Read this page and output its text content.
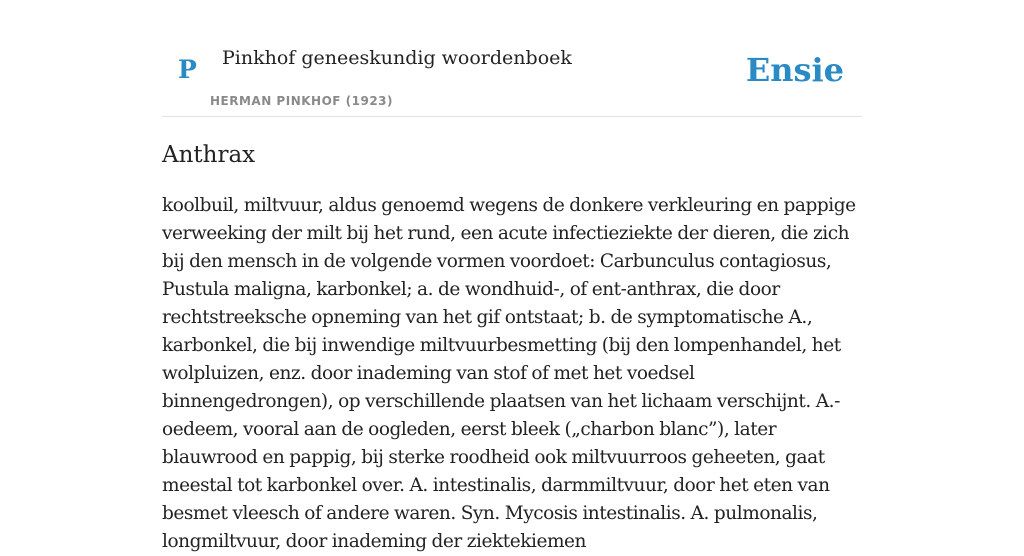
P Pinkhof geneeskundig woordenboek
HERMAN PINKHOF (1923)
Ensie
Anthrax

koolbuil, miltvuur, aldus genoemd wegens de donkere verkleuring en pappige verweeking der milt bij het rund, een acute infectieziekte der dieren, die zich bij den mensch in de volgende vormen voordoet: Carbunculus contagiosus, Pustula maligna, karbonkel; a. de wondhuid-, of ent-anthrax, die door rechtstreeksche opneming van het gif ontstaat; b. de symptomatische A., karbonkel, die bij inwendige miltvuurbesmetting (bij den lompenhandel, het wolpluizen, enz. door inademing van stof of met het voedsel binnengedrongen), op verschillende plaatsen van het lichaam verschijnt. A.-oedeem, vooral aan de oogleden, eerst bleek („charbon blanc”), later blauwrood en pappig, bij sterke roodheid ook miltvuurroos geheeten, gaat meestal tot karbonkel over. A. intestinalis, darmmiltvuur, door het eten van besmet vleesch of andere waren. Syn. Mycosis intestinalis. A. pulmonalis, longmiltvuur, door inademing der ziektekiemen
